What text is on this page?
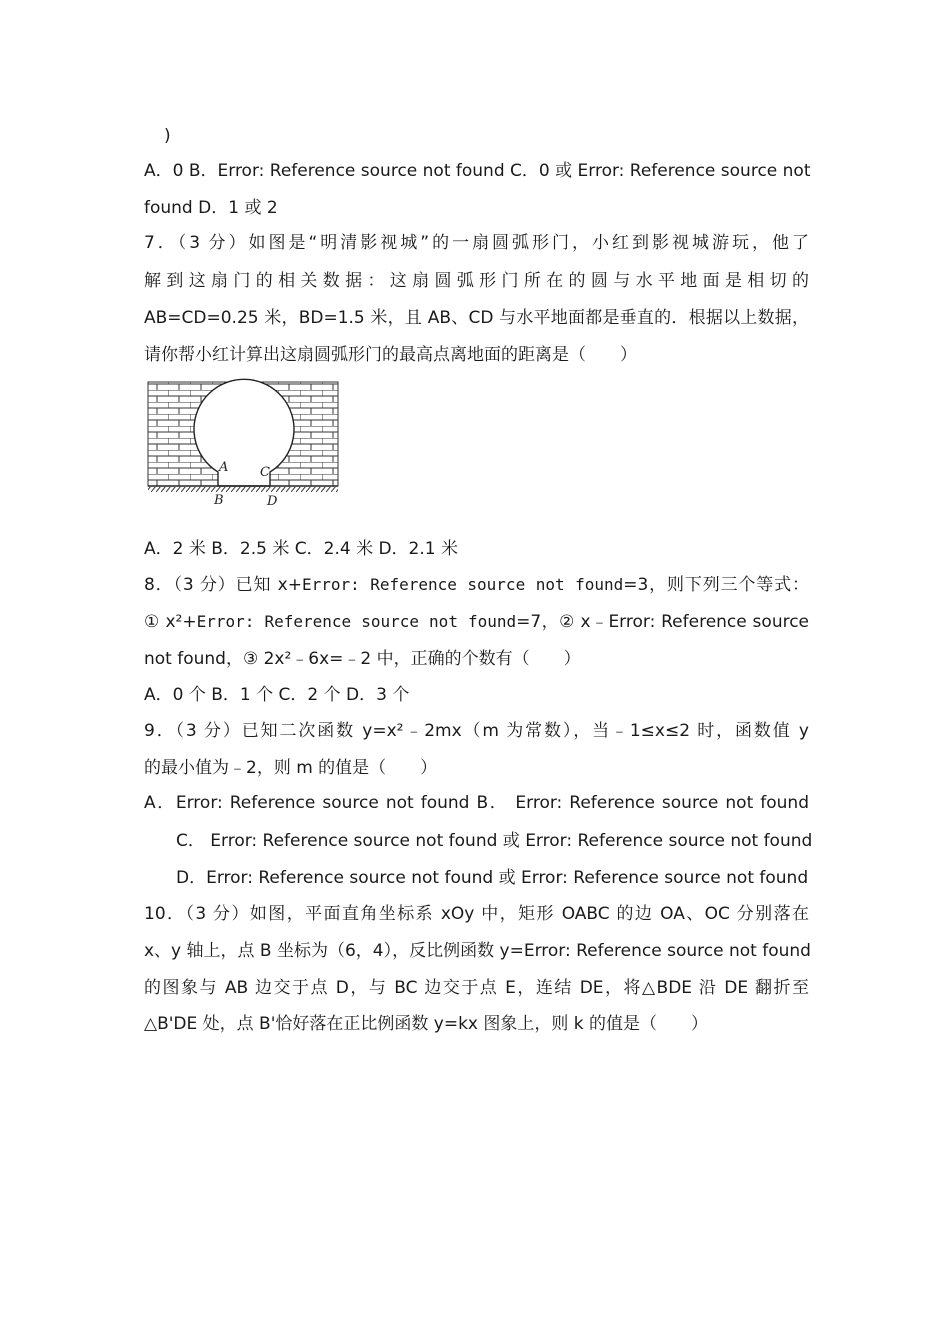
)
A．0 B．Error: Reference source not found C．0 或 Error: Reference source not
found D．1 或 2
7．（3 分）如图是“明清影视城”的一扇圆弧形门，小红到影视城游玩，他了
解到这扇门的相关数据：这扇圆弧形门所在的圆与水平地面是相切的
AB=CD=0.25 米，BD=1.5 米，且 AB、CD 与水平地面都是垂直的．根据以上数据，
请你帮小红计算出这扇圆弧形门的最高点离地面的距离是（　　）
A
B
C
D
A．2 米 B．2.5 米 C．2.4 米 D．2.1 米
8．（3 分）已知 x+Error: Reference source not found=3，则下列三个等式：
① x²+Error: Reference source not found=7，② x﹣Error: Reference source
not found，③ 2x²﹣6x=﹣2 中，正确的个数有（　　）
A．0 个 B．1 个 C．2 个 D．3 个
9．（3 分）已知二次函数 y=x²﹣2mx（m 为常数），当﹣1≤x≤2 时，函数值 y
的最小值为﹣2，则 m 的值是（　　）
A．Error: Reference source not found B． Error: Reference source not found
C． Error: Reference source not found 或 Error: Reference source not found
D．Error: Reference source not found 或 Error: Reference source not found
10．（3 分）如图，平面直角坐标系 xOy 中，矩形 OABC 的边 OA、OC 分别落在
x、y 轴上，点 B 坐标为（6，4），反比例函数 y=Error: Reference source not found
的图象与 AB 边交于点 D，与 BC 边交于点 E，连结 DE，将△BDE 沿 DE 翻折至
△B'DE 处，点 B'恰好落在正比例函数 y=kx 图象上，则 k 的值是（　　）
